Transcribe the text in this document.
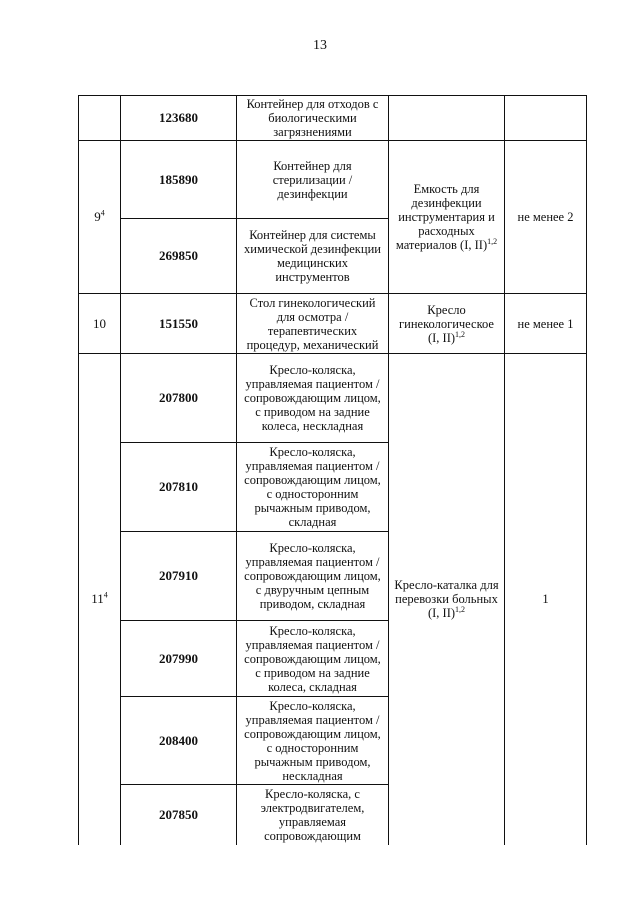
13
	123680	Контейнер для отходов с биологическими загрязнениями		
$9^4$	185890	Контейнер для стерилизации /дезинфекции	Емкость для дезинфекции инструментария и расходных материалов (I, II)$^{1,2}$	не менее 2
	269850	Контейнер для системы химической дезинфекции медицинских инструментов		
10	151550	Стол гинекологический для осмотра /терапевтических процедур, механический	Кресло гинекологическое (I, II)$^{1,2}$	не менее 1
$11^4$	207800	Кресло-коляска, управляемая пациентом /сопровождающим лицом, с приводом на задние колеса, нескладная	Кресло-каталка для перевозки больных (I, II)$^{1,2}$	1
	207810	Кресло-коляска, управляемая пациентом /сопровождающим лицом, с односторонним рычажным приводом, складная		
	207910	Кресло-коляска, управляемая пациентом /сопровождающим лицом, с двуручным цепным приводом, складная		
	207990	Кресло-коляска, управляемая пациентом /сопровождающим лицом, с приводом на задние колеса, складная		
	208400	Кресло-коляска, управляемая пациентом /сопровождающим лицом, с односторонним рычажным приводом, нескладная		
	207850	Кресло-коляска, с электродвигателем, управляемая сопровождающим		
